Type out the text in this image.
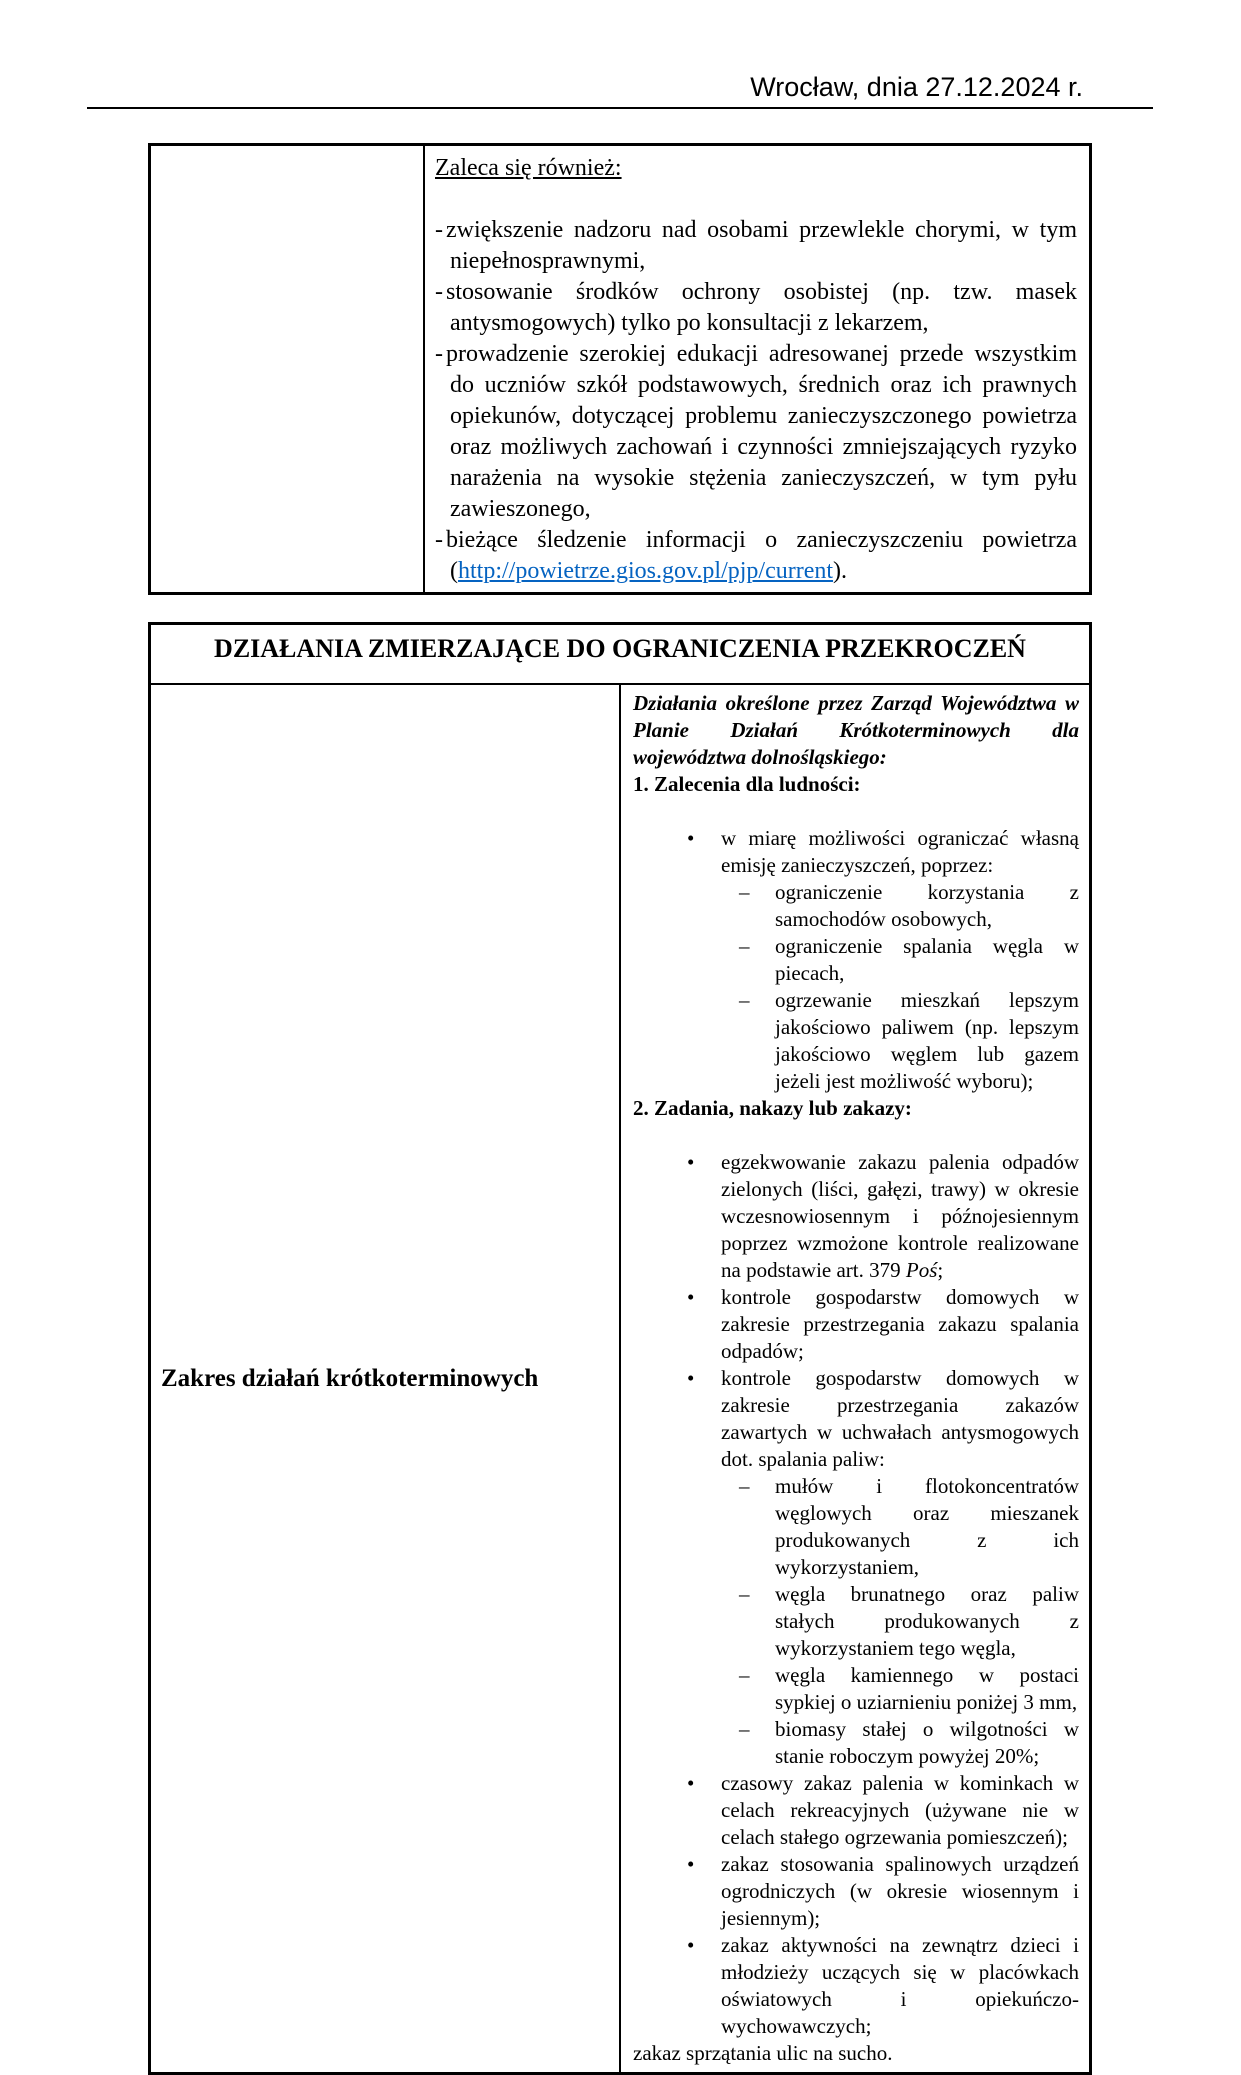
Wrocław, dnia 27.12.2024 r.

Zaleca się również:
- zwiększenie nadzoru nad osobami przewlekle chorymi, w tym niepełnosprawnymi,
- stosowanie środków ochrony osobistej (np. tzw. masek antysmogowych) tylko po konsultacji z lekarzem,
- prowadzenie szerokiej edukacji adresowanej przede wszystkim do uczniów szkół podstawowych, średnich oraz ich prawnych opiekunów, dotyczącej problemu zanieczyszczonego powietrza oraz możliwych zachowań i czynności zmniejszających ryzyko narażenia na wysokie stężenia zanieczyszczeń, w tym pyłu zawieszonego,
- bieżące śledzenie informacji o zanieczyszczeniu powietrza (http://powietrze.gios.gov.pl/pjp/current).
DZIAŁANIA ZMIERZAJĄCE DO OGRANICZENIA PRZEKROCZEŃ
Zakres działań krótkoterminowych	
Działania określone przez Zarząd Województwa w Planie Działań Krótkoterminowych dla województwa dolnośląskiego:
1. Zalecenia dla ludności:
• w miarę możliwości ograniczać własną emisję zanieczyszczeń, poprzez:
– ograniczenie korzystania z samochodów osobowych,
– ograniczenie spalania węgla w piecach,
– ogrzewanie mieszkań lepszym jakościowo paliwem (np. lepszym jakościowo węglem lub gazem jeżeli jest możliwość wyboru);
2. Zadania, nakazy lub zakazy:
• egzekwowanie zakazu palenia odpadów zielonych (liści, gałęzi, trawy) w okresie wczesnowiosennym i późnojesiennym poprzez wzmożone kontrole realizowane na podstawie art. 379 Poś;
• kontrole gospodarstw domowych w zakresie przestrzegania zakazu spalania odpadów;
• kontrole gospodarstw domowych w zakresie przestrzegania zakazów zawartych w uchwałach antysmogowych dot. spalania paliw:
– mułów i flotokoncentratów węglowych oraz mieszanek produkowanych z ich wykorzystaniem,
– węgla brunatnego oraz paliw stałych produkowanych z wykorzystaniem tego węgla,
– węgla kamiennego w postaci sypkiej o uziarnieniu poniżej 3 mm,
– biomasy stałej o wilgotności w stanie roboczym powyżej 20%;
• czasowy zakaz palenia w kominkach w celach rekreacyjnych (używane nie w celach stałego ogrzewania pomieszczeń);
• zakaz stosowania spalinowych urządzeń ogrodniczych (w okresie wiosennym i jesiennym);
• zakaz aktywności na zewnątrz dzieci i młodzieży uczących się w placówkach oświatowych i opiekuńczo-wychowawczych;
zakaz sprzątania ulic na sucho.
